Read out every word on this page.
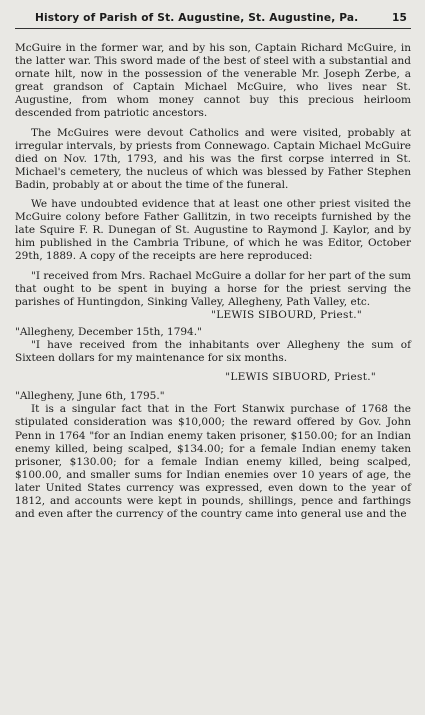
History of Parish of St. Augustine, St. Augustine, Pa.	15

McGuire in the former war, and by his son, Captain Richard McGuire, in the latter war. This sword made of the best of steel with a substantial and ornate hilt, now in the possession of the venerable Mr. Joseph Zerbe, a great grandson of Captain Michael McGuire, who lives near St. Augustine, from whom money cannot buy this precious heirloom descended from patriotic ancestors.

The McGuires were devout Catholics and were visited, probably at irregular intervals, by priests from Connewago. Captain Michael McGuire died on Nov. 17th, 1793, and his was the first corpse interred in St. Michael's cemetery, the nucleus of which was blessed by Father Stephen Badin, probably at or about the time of the funeral.

We have undoubted evidence that at least one other priest visited the McGuire colony before Father Gallitzin, in two receipts furnished by the late Squire F. R. Dunegan of St. Augustine to Raymond J. Kaylor, and by him published in the Cambria Tribune, of which he was Editor, October 29th, 1889. A copy of the receipts are here reproduced:

"I received from Mrs. Rachael McGuire a dollar for her part of the sum that ought to be spent in buying a horse for the priest serving the parishes of Huntingdon, Sinking Valley, Allegheny, Path Valley, etc.

"LEWIS SIBOURD, Priest."
"Allegheny, December 15th, 1794."

"I have received from the inhabitants over Allegheny the sum of Sixteen dollars for my maintenance for six months.

"LEWIS SIBUORD, Priest."
"Allegheny, June 6th, 1795."

It is a singular fact that in the Fort Stanwix purchase of 1768 the stipulated consideration was $10,000; the reward offered by Gov. John Penn in 1764 "for an Indian enemy taken prisoner, $150.00; for an Indian enemy killed, being scalped, $134.00; for a female Indian enemy taken prisoner, $130.00; for a female Indian enemy killed, being scalped, $100.00, and smaller sums for Indian enemies over 10 years of age, the later United States currency was expressed, even down to the year of 1812, and accounts were kept in pounds, shillings, pence and farthings and even after the currency of the country came into general use and the
